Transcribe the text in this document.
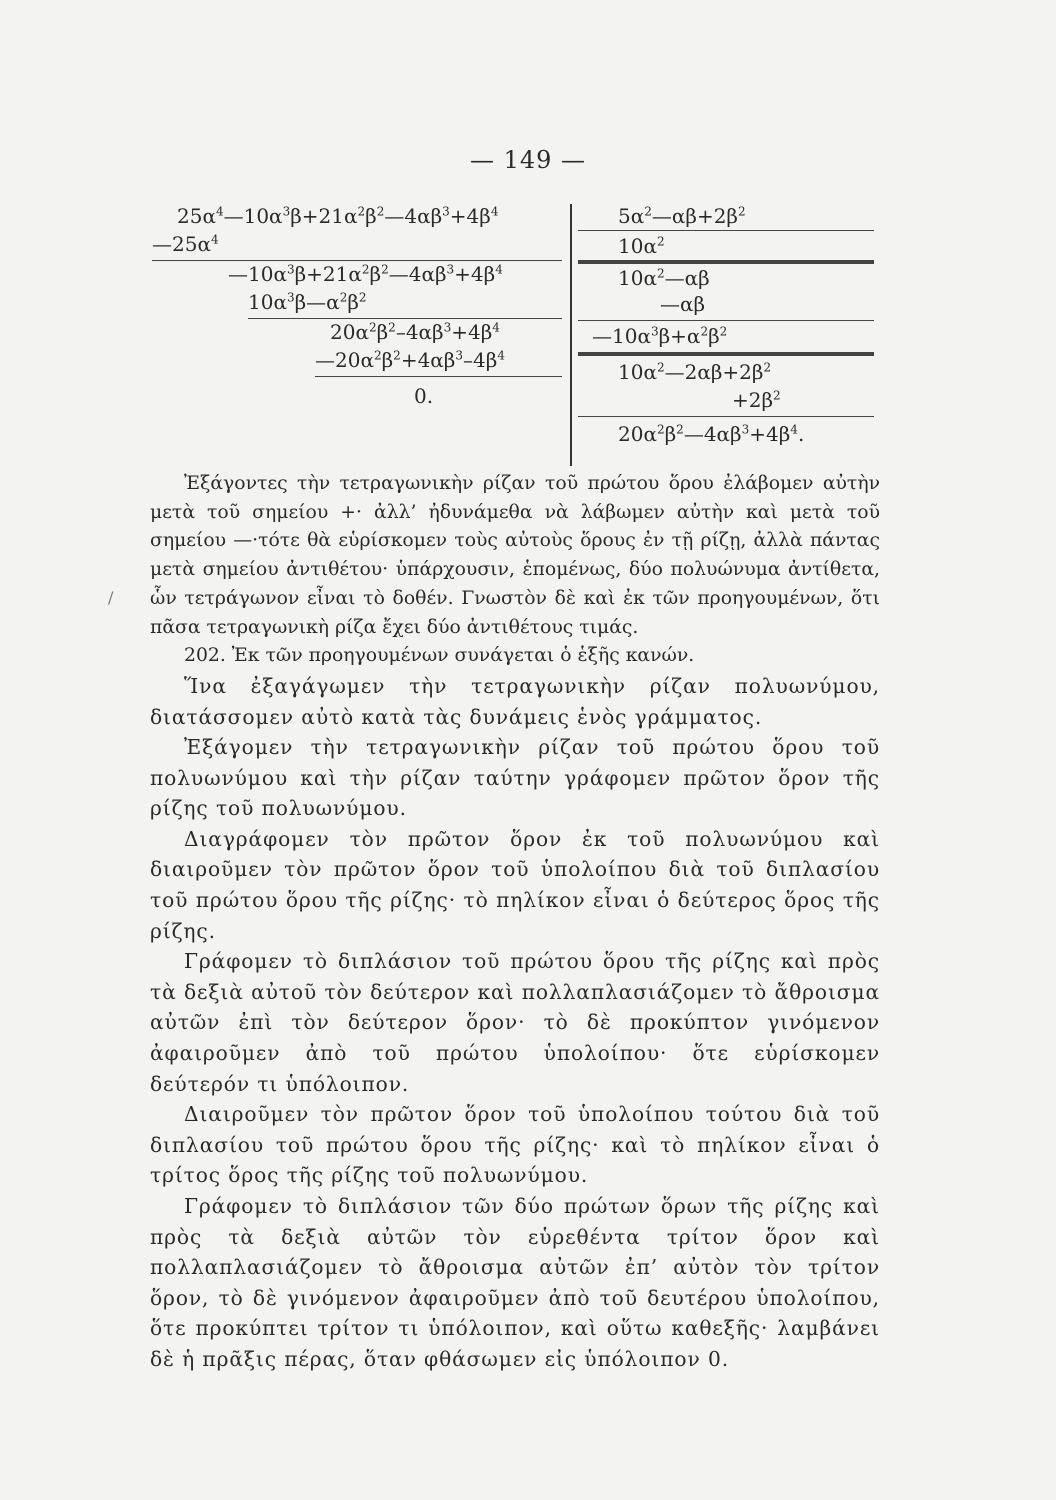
— 149 —
$25\alpha^4—10\alpha^3\beta+21\alpha^2\beta^2—4\alpha\beta^3+4\beta^4$
$—25\alpha^4$
$—10\alpha^3\beta+21\alpha^2\beta^2—4\alpha\beta^3+4\beta^4$
$10\alpha^3\beta—\alpha^2\beta^2$
$20\alpha^2\beta^2-4\alpha\beta^3+4\beta^4$
$—20\alpha^2\beta^2+4\alpha\beta^3-4\beta^4$
0.
$5\alpha^2—\alpha\beta+2\beta^2$
$10\alpha^2$
$10\alpha^2—\alpha\beta$
—αβ
$—10\alpha^3\beta+\alpha^2\beta^2$
$10\alpha^2—2\alpha\beta+2\beta^2$
$+2\beta^2$
$20\alpha^2\beta^2—4\alpha\beta^3+4\beta^4$.

Ἐξάγοντες τὴν τετραγωνικὴν ρίζαν τοῦ πρώτου ὅρου ἐλάβομεν αὐτὴν μετὰ τοῦ σημείου +· ἀλλ’ ἠδυνάμεθα νὰ λάβωμεν αὐτὴν καὶ μετὰ τοῦ σημείου —·τότε θὰ εὑρίσκομεν τοὺς αὐτοὺς ὅρους ἐν τῇ ρίζῃ, ἀλλὰ πάντας μετὰ σημείου ἀντιθέτου· ὑπάρχουσιν, ἑπομένως, δύο πολυώνυμα ἀντίθετα, ὧν τετράγωνον εἶναι τὸ δοθέν. Γνωστὸν δὲ καὶ ἐκ τῶν προηγουμένων, ὅτι πᾶσα τετραγωνικὴ ρίζα ἔχει δύο ἀντιθέτους τιμάς.

202. Ἐκ τῶν προηγουμένων συνάγεται ὁ ἑξῆς κανών.

Ἵνα ἐξαγάγωμεν τὴν τετραγωνικὴν ρίζαν πολυωνύμου, διατάσσομεν αὐτὸ κατὰ τὰς δυνάμεις ἑνὸς γράμματος.

Ἐξάγομεν τὴν τετραγωνικὴν ρίζαν τοῦ πρώτου ὅρου τοῦ πολυωνύμου καὶ τὴν ρίζαν ταύτην γράφομεν πρῶτον ὅρον τῆς ρίζης τοῦ πολυωνύμου.

Διαγράφομεν τὸν πρῶτον ὅρον ἐκ τοῦ πολυωνύμου καὶ διαιροῦμεν τὸν πρῶτον ὅρον τοῦ ὑπολοίπου διὰ τοῦ διπλασίου τοῦ πρώτου ὅρου τῆς ρίζης· τὸ πηλίκον εἶναι ὁ δεύτερος ὅρος τῆς ρίζης.

Γράφομεν τὸ διπλάσιον τοῦ πρώτου ὅρου τῆς ρίζης καὶ πρὸς τὰ δεξιὰ αὐτοῦ τὸν δεύτερον καὶ πολλαπλασιάζομεν τὸ ἄθροισμα αὐτῶν ἐπὶ τὸν δεύτερον ὅρον· τὸ δὲ προκύπτον γινόμενον ἀφαιροῦμεν ἀπὸ τοῦ πρώτου ὑπολοίπου· ὅτε εὑρίσκομεν δεύτερόν τι ὑπόλοιπον.

Διαιροῦμεν τὸν πρῶτον ὅρον τοῦ ὑπολοίπου τούτου διὰ τοῦ διπλασίου τοῦ πρώτου ὅρου τῆς ρίζης· καὶ τὸ πηλίκον εἶναι ὁ τρίτος ὅρος τῆς ρίζης τοῦ πολυωνύμου.

Γράφομεν τὸ διπλάσιον τῶν δύο πρώτων ὅρων τῆς ρίζης καὶ πρὸς τὰ δεξιὰ αὐτῶν τὸν εὑρεθέντα τρίτον ὅρον καὶ πολλαπλασιάζομεν τὸ ἄθροισμα αὐτῶν ἐπ’ αὐτὸν τὸν τρίτον ὅρον, τὸ δὲ γινόμενον ἀφαιροῦμεν ἀπὸ τοῦ δευτέρου ὑπολοίπου, ὅτε προκύπτει τρίτον τι ὑπόλοιπον, καὶ οὕτω καθεξῆς· λαμβάνει δὲ ἡ πρᾶξις πέρας, ὅταν φθάσωμεν εἰς ὑπόλοιπον 0.

/
